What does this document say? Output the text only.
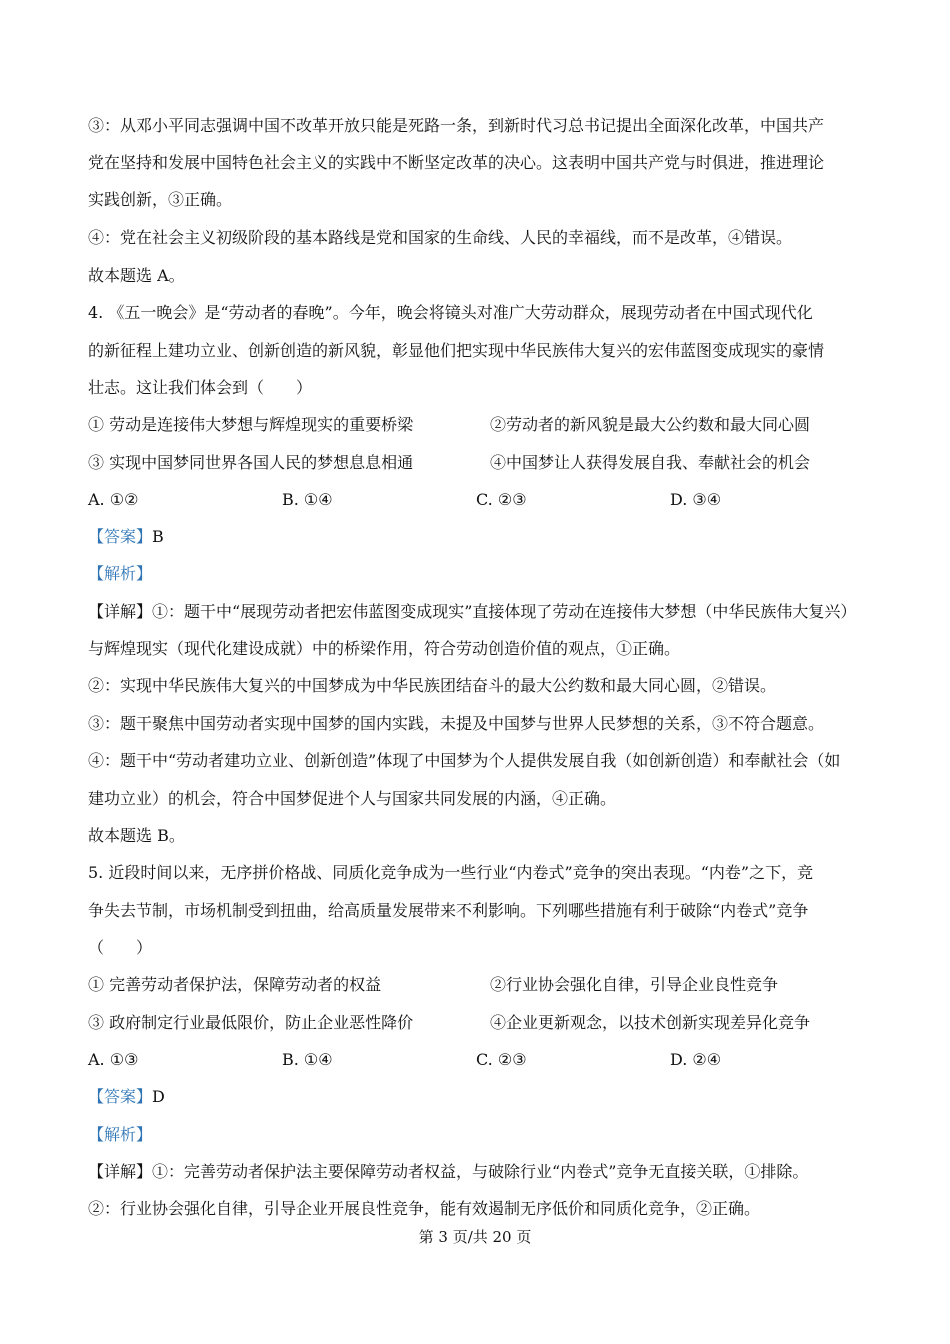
③：从邓小平同志强调中国不改革开放只能是死路一条，到新时代习总书记提出全面深化改革，中国共产
党在坚持和发展中国特色社会主义的实践中不断坚定改革的决心。这表明中国共产党与时俱进，推进理论
实践创新，③正确。
④：党在社会主义初级阶段的基本路线是党和国家的生命线、人民的幸福线，而不是改革，④错误。
故本题选 A。
4. 《五一晚会》是“劳动者的春晚”。今年，晚会将镜头对准广大劳动群众，展现劳动者在中国式现代化
的新征程上建功立业、创新创造的新风貌，彰显他们把实现中华民族伟大复兴的宏伟蓝图变成现实的豪情
壮志。这让我们体会到（　　）
① 劳动是连接伟大梦想与辉煌现实的重要桥梁	②劳动者的新风貌是最大公约数和最大同心圆
③ 实现中国梦同世界各国人民的梦想息息相通	④中国梦让人获得发展自我、奉献社会的机会
A. ①②	B. ①④	C. ②③	D. ③④
【答案】B
【解析】
【详解】①：题干中“展现劳动者把宏伟蓝图变成现实”直接体现了劳动在连接伟大梦想（中华民族伟大复兴）
与辉煌现实（现代化建设成就）中的桥梁作用，符合劳动创造价值的观点，①正确。
②：实现中华民族伟大复兴的中国梦成为中华民族团结奋斗的最大公约数和最大同心圆，②错误。
③：题干聚焦中国劳动者实现中国梦的国内实践，未提及中国梦与世界人民梦想的关系，③不符合题意。
④：题干中“劳动者建功立业、创新创造”体现了中国梦为个人提供发展自我（如创新创造）和奉献社会（如
建功立业）的机会，符合中国梦促进个人与国家共同发展的内涵，④正确。
故本题选 B。
5. 近段时间以来，无序拼价格战、同质化竞争成为一些行业“内卷式”竞争的突出表现。“内卷”之下，竞
争失去节制，市场机制受到扭曲，给高质量发展带来不利影响。下列哪些措施有利于破除“内卷式”竞争
（　　）
① 完善劳动者保护法，保障劳动者的权益	②行业协会强化自律，引导企业良性竞争
③ 政府制定行业最低限价，防止企业恶性降价	④企业更新观念，以技术创新实现差异化竞争
A. ①③	B. ①④	C. ②③	D. ②④
【答案】D
【解析】
【详解】①：完善劳动者保护法主要保障劳动者权益，与破除行业“内卷式”竞争无直接关联，①排除。
②：行业协会强化自律，引导企业开展良性竞争，能有效遏制无序低价和同质化竞争，②正确。
第 3 页/共 20 页
